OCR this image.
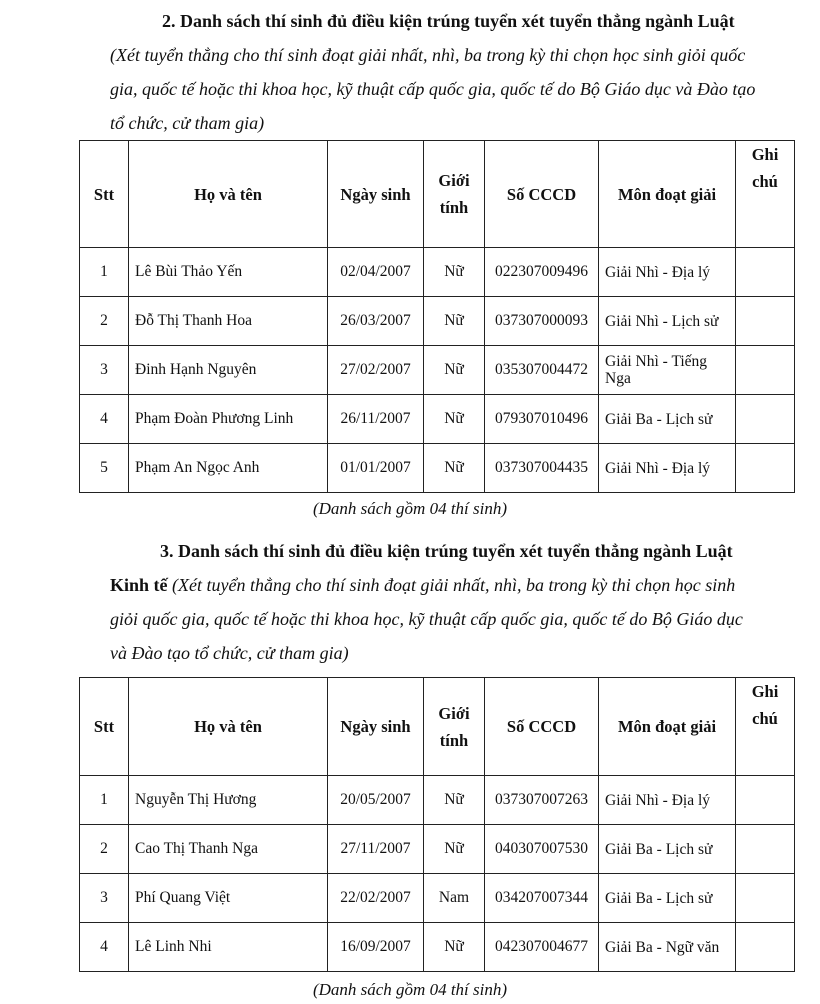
2. Danh sách thí sinh đủ điều kiện trúng tuyển xét tuyển thẳng ngành Luật (Xét tuyển thẳng cho thí sinh đoạt giải nhất, nhì, ba trong kỳ thi chọn học sinh giỏi quốc gia, quốc tế hoặc thi khoa học, kỹ thuật cấp quốc gia, quốc tế do Bộ Giáo dục và Đào tạo tổ chức, cử tham gia)
Stt	Họ và tên	Ngày sinh	Giới tính	Số CCCD	Môn đoạt giải	Ghi chú
1	Lê Bùi Thảo Yến	02/04/2007	Nữ	022307009496	Giải Nhì - Địa lý	
2	Đỗ Thị Thanh Hoa	26/03/2007	Nữ	037307000093	Giải Nhì - Lịch sử	
3	Đinh Hạnh Nguyên	27/02/2007	Nữ	035307004472	Giải Nhì - Tiếng Nga	
4	Phạm Đoàn Phương Linh	26/11/2007	Nữ	079307010496	Giải Ba - Lịch sử	
5	Phạm An Ngọc Anh	01/01/2007	Nữ	037307004435	Giải Nhì - Địa lý	
(Danh sách gồm 04 thí sinh)
3. Danh sách thí sinh đủ điều kiện trúng tuyển xét tuyển thẳng ngành Luật Kinh tế (Xét tuyển thẳng cho thí sinh đoạt giải nhất, nhì, ba trong kỳ thi chọn học sinh giỏi quốc gia, quốc tế hoặc thi khoa học, kỹ thuật cấp quốc gia, quốc tế do Bộ Giáo dục và Đào tạo tổ chức, cử tham gia)
Stt	Họ và tên	Ngày sinh	Giới tính	Số CCCD	Môn đoạt giải	Ghi chú
1	Nguyễn Thị Hương	20/05/2007	Nữ	037307007263	Giải Nhì - Địa lý	
2	Cao Thị Thanh Nga	27/11/2007	Nữ	040307007530	Giải Ba - Lịch sử	
3	Phí Quang Việt	22/02/2007	Nam	034207007344	Giải Ba - Lịch sử	
4	Lê Linh Nhi	16/09/2007	Nữ	042307004677	Giải Ba - Ngữ văn	
(Danh sách gồm 04 thí sinh)
